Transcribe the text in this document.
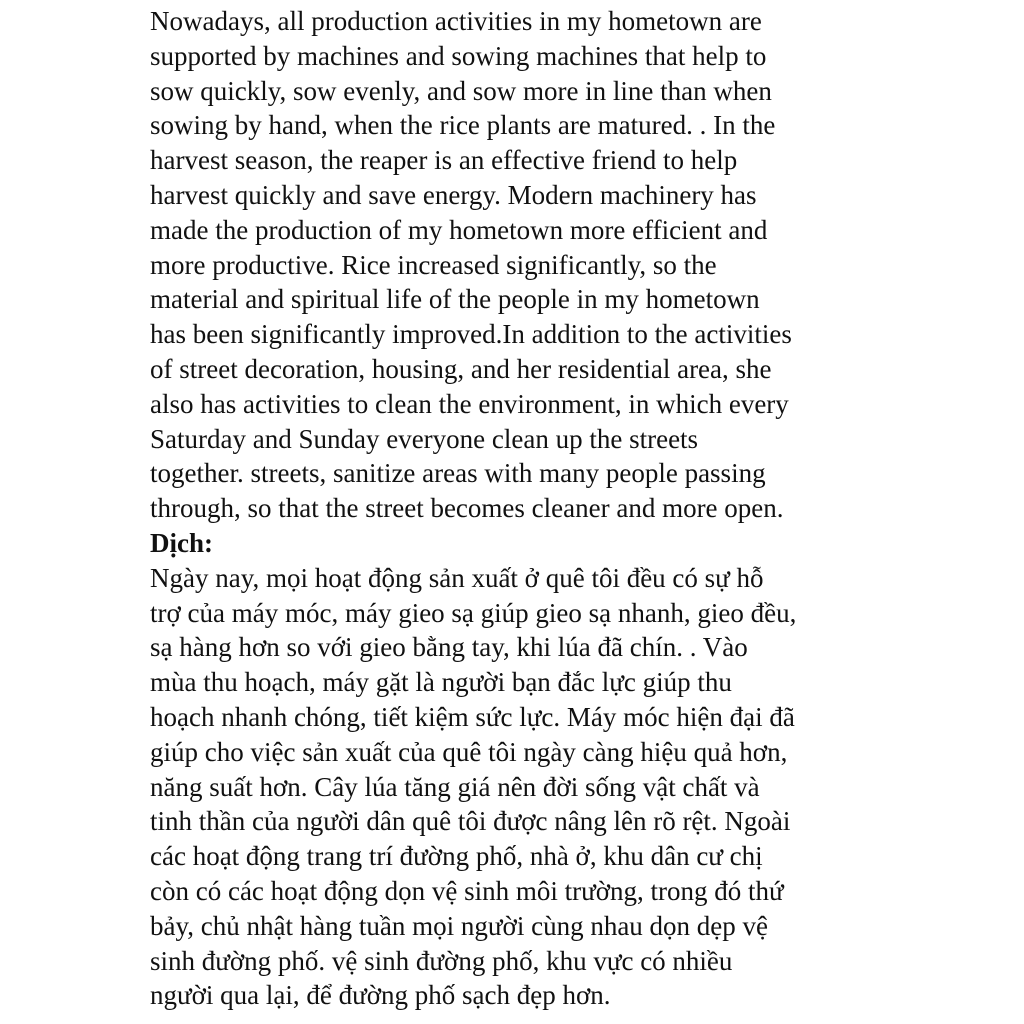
Nowadays, all production activities in my hometown are
supported by machines and sowing machines that help to
sow quickly, sow evenly, and sow more in line than when
sowing by hand, when the rice plants are matured. . In the
harvest season, the reaper is an effective friend to help
harvest quickly and save energy. Modern machinery has
made the production of my hometown more efficient and
more productive. Rice increased significantly, so the
material and spiritual life of the people in my hometown
has been significantly improved.In addition to the activities
of street decoration, housing, and her residential area, she
also has activities to clean the environment, in which every
Saturday and Sunday everyone clean up the streets
together. streets, sanitize areas with many people passing
through, so that the street becomes cleaner and more open.
Dịch:
Ngày nay, mọi hoạt động sản xuất ở quê tôi đều có sự hỗ
trợ của máy móc, máy gieo sạ giúp gieo sạ nhanh, gieo đều,
sạ hàng hơn so với gieo bằng tay, khi lúa đã chín. . Vào
mùa thu hoạch, máy gặt là người bạn đắc lực giúp thu
hoạch nhanh chóng, tiết kiệm sức lực. Máy móc hiện đại đã
giúp cho việc sản xuất của quê tôi ngày càng hiệu quả hơn,
năng suất hơn. Cây lúa tăng giá nên đời sống vật chất và
tinh thần của người dân quê tôi được nâng lên rõ rệt. Ngoài
các hoạt động trang trí đường phố, nhà ở, khu dân cư chị
còn có các hoạt động dọn vệ sinh môi trường, trong đó thứ
bảy, chủ nhật hàng tuần mọi người cùng nhau dọn dẹp vệ
sinh đường phố. vệ sinh đường phố, khu vực có nhiều
người qua lại, để đường phố sạch đẹp hơn.
